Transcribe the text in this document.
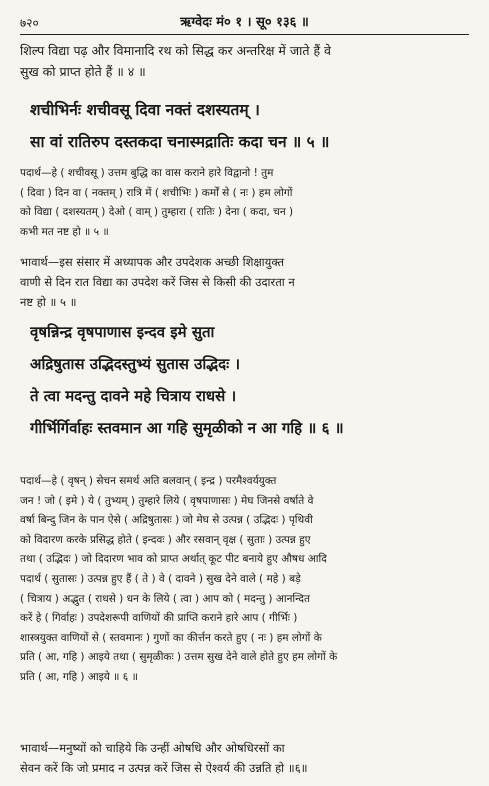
७२०	ऋग्वेदः मं० १ । सू० १३६ ॥
शिल्प विद्या पढ़ और विमानादि रथ को सिद्ध कर अन्तरिक्ष में जाते हैं वे
सुख को प्राप्त होते हैं ॥ ४ ॥
शचीभिर्नः शचीवसू दिवा नक्तं दशस्यतम् ।
सा वां रातिरुप दस्तकदा चनास्मद्रातिः कदा चन ॥ ५ ॥
पदार्थ—हे ( शचीवसू ) उत्तम बुद्धि का वास कराने हारे विद्वानो ! तुम
( दिवा ) दिन वा ( नक्तम् ) रात्रि में ( शचीभिः ) कर्मों से ( नः ) हम लोगों
को विद्या ( दशस्यतम् ) देओ ( वाम् ) तुम्हारा ( रातिः ) देना ( कदा, चन )
कभी मत नष्ट हो ॥ ५ ॥
भावार्थ—इस संसार में अध्यापक और उपदेशक अच्छी शिक्षायुक्त
वाणी से दिन रात विद्या का उपदेश करें जिस से किसी की उदारता न
नष्ट हो ॥ ५ ॥
वृषन्निन्द्र वृषपाणास इन्दव इमे सुता
अद्रिषुतास उद्भिदस्तुभ्यं सुतास उद्भिदः ।
ते त्वा मदन्तु दावने महे चित्राय राधसे ।
गीर्भिर्गिर्वाहः स्तवमान आ गहि सुमृळीको न आ गहि ॥ ६ ॥
पदार्थ—हे ( वृषन् ) सेचन समर्थ अति बलवान् ( इन्द्र ) परमैश्वर्ययुक्त
जन ! जो ( इमे ) ये ( तुभ्यम् ) तुम्हारे लिये ( वृषपाणासः ) मेघ जिनसे वर्षाते वे
वर्षा बिन्दु जिन के पान ऐसे ( अद्रिषुतासः ) जो मेघ से उत्पन्न ( उद्भिदः ) पृथिवी
को विदारण करके प्रसिद्ध होते ( इन्दवः ) और रसवान् वृक्ष ( सुताः ) उत्पन्न हुए
तथा ( उद्भिदः ) जो दिदारण भाव को प्राप्त अर्थात् कूट पीट बनाये हुए औषध आदि
पदार्थ ( सुतासः ) उत्पन्न हुए हैं ( ते ) वे ( दावने ) सुख देने वाले ( महे ) बड़े
( चित्राय ) अद्भुत ( राधसे ) धन के लिये ( त्वा ) आप को ( मदन्तु ) आनन्दित
करें हे ( गिर्वाहः ) उपदेशरूपी वाणियों की प्राप्ति कराने हारे आप ( गीर्भिः )
शास्त्रयुक्त वाणियों से ( स्तवमानः ) गुणों का कीर्त्तन करते हुए ( नः ) हम लोगों के
प्रति ( आ, गहि ) आइये तथा ( सुमृळीकः ) उत्तम सुख देने वाले होते हुए हम लोगों के
प्रति ( आ, गहि ) आइये ॥ ६ ॥
भावार्थ—मनुष्यों को चाहिये कि उन्हीं ओषधि और ओषधिरसों का
सेवन करें कि जो प्रमाद न उत्पन्न करें जिस से ऐश्वर्य की उन्नति हो ॥६॥
